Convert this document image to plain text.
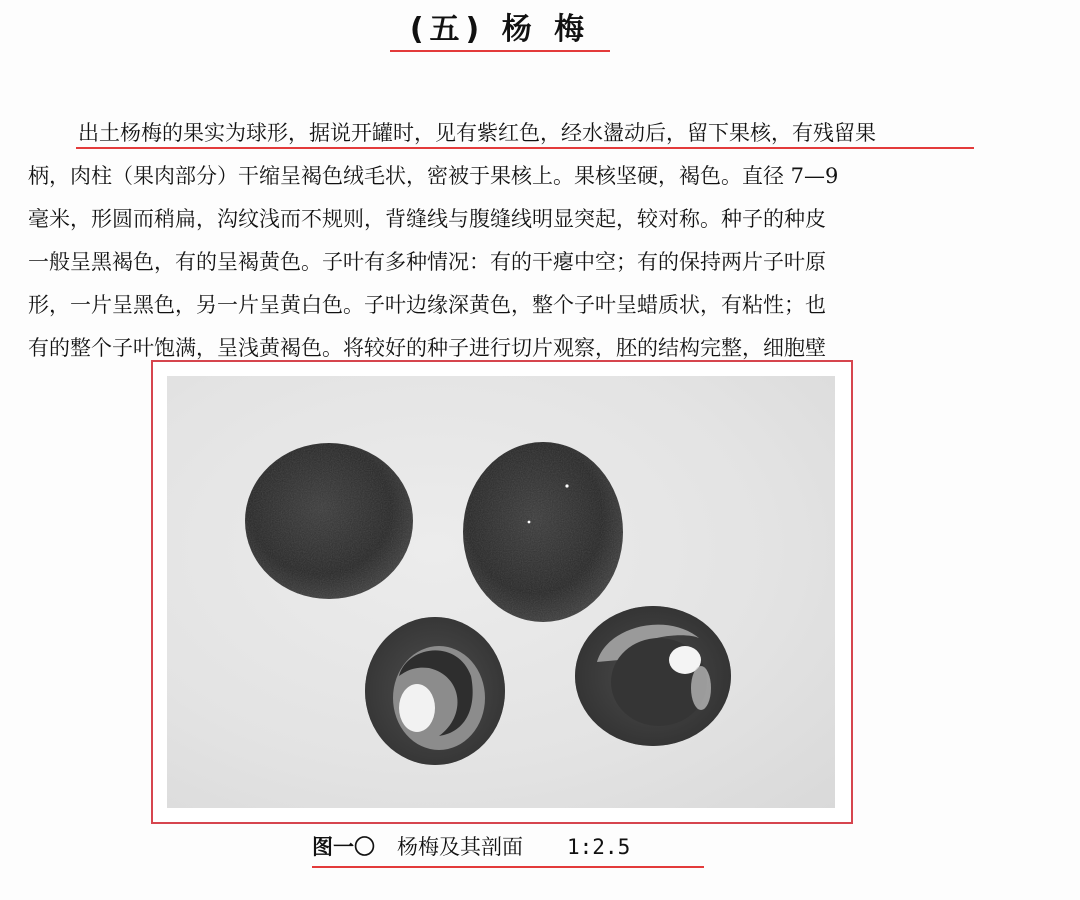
(五) 杨 梅
出土杨梅的果实为球形，据说开罐时，见有紫红色，经水盪动后，留下果核，有残留果
柄，肉柱（果肉部分）干缩呈褐色绒毛状，密被于果核上。果核坚硬，褐色。直径 7—9
毫米，形圆而稍扁，沟纹浅而不规则，背缝线与腹缝线明显突起，较对称。种子的种皮
一般呈黑褐色，有的呈褐黄色。子叶有多种情况：有的干瘪中空；有的保持两片子叶原
形，一片呈黑色，另一片呈黄白色。子叶边缘深黄色，整个子叶呈蜡质状，有粘性；也
有的整个子叶饱满，呈浅黄褐色。将较好的种子进行切片观察，胚的结构完整，细胞壁
图一〇 杨梅及其剖面 1:2.5
